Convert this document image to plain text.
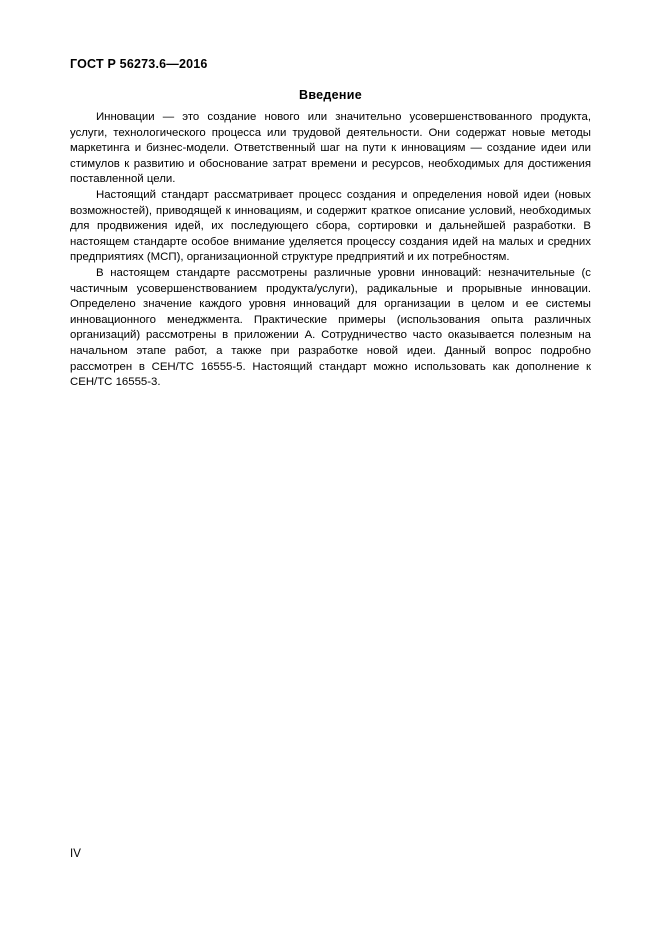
ГОСТ Р 56273.6—2016
Введение

Инновации — это создание нового или значительно усовершенствованного продукта, услуги, технологического процесса или трудовой деятельности. Они содержат новые методы маркетинга и бизнес-модели. Ответственный шаг на пути к инновациям — создание идеи или стимулов к развитию и обоснование затрат времени и ресурсов, необходимых для достижения поставленной цели.

Настоящий стандарт рассматривает процесс создания и определения новой идеи (новых возможностей), приводящей к инновациям, и содержит краткое описание условий, необходимых для продвижения идей, их последующего сбора, сортировки и дальнейшей разработки. В настоящем стандарте особое внимание уделяется процессу создания идей на малых и средних предприятиях (МСП), организационной структуре предприятий и их потребностям.

В настоящем стандарте рассмотрены различные уровни инноваций: незначительные (с частичным усовершенствованием продукта/услуги), радикальные и прорывные инновации. Определено значение каждого уровня инноваций для организации в целом и ее системы инновационного менеджмента. Практические примеры (использования опыта различных организаций) рассмотрены в приложении А. Сотрудничество часто оказывается полезным на начальном этапе работ, а также при разработке новой идеи. Данный вопрос подробно рассмотрен в CEH/TC 16555-5. Настоящий стандарт можно использовать как дополнение к CEH/TC 16555-3.

IV
